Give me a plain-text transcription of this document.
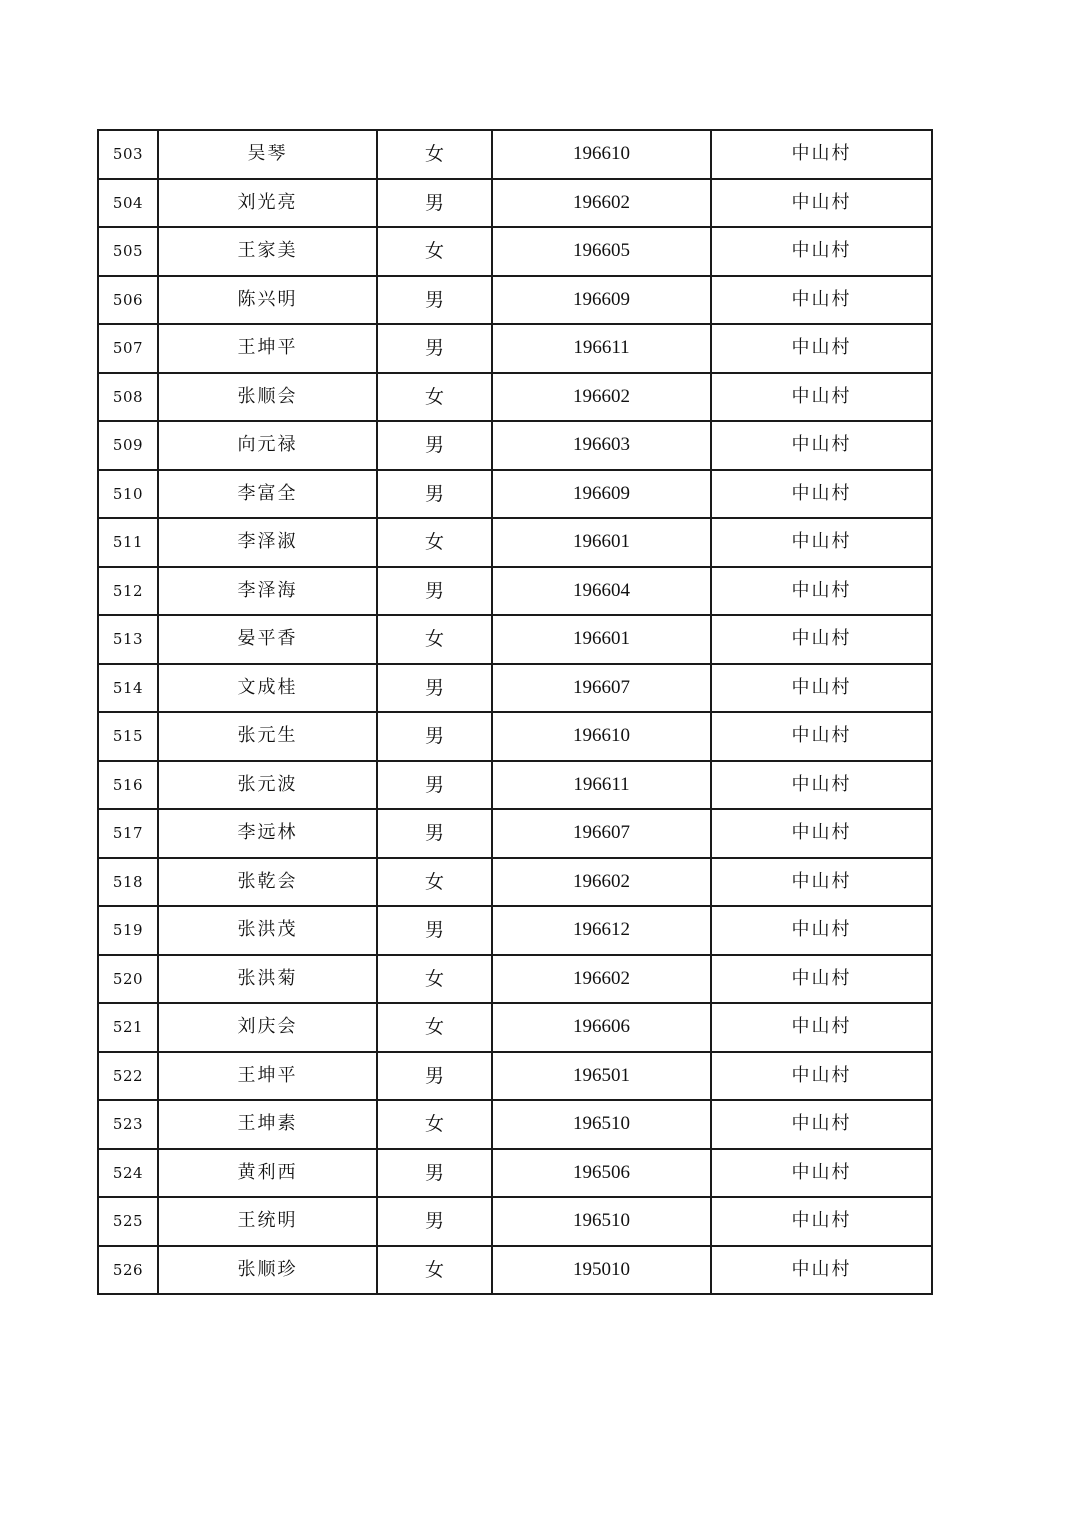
503	吴琴	女	196610	中山村
504	刘光亮	男	196602	中山村
505	王家美	女	196605	中山村
506	陈兴明	男	196609	中山村
507	王坤平	男	196611	中山村
508	张顺会	女	196602	中山村
509	向元禄	男	196603	中山村
510	李富全	男	196609	中山村
511	李泽淑	女	196601	中山村
512	李泽海	男	196604	中山村
513	晏平香	女	196601	中山村
514	文成桂	男	196607	中山村
515	张元生	男	196610	中山村
516	张元波	男	196611	中山村
517	李远林	男	196607	中山村
518	张乾会	女	196602	中山村
519	张洪茂	男	196612	中山村
520	张洪菊	女	196602	中山村
521	刘庆会	女	196606	中山村
522	王坤平	男	196501	中山村
523	王坤素	女	196510	中山村
524	黄利西	男	196506	中山村
525	王统明	男	196510	中山村
526	张顺珍	女	195010	中山村
